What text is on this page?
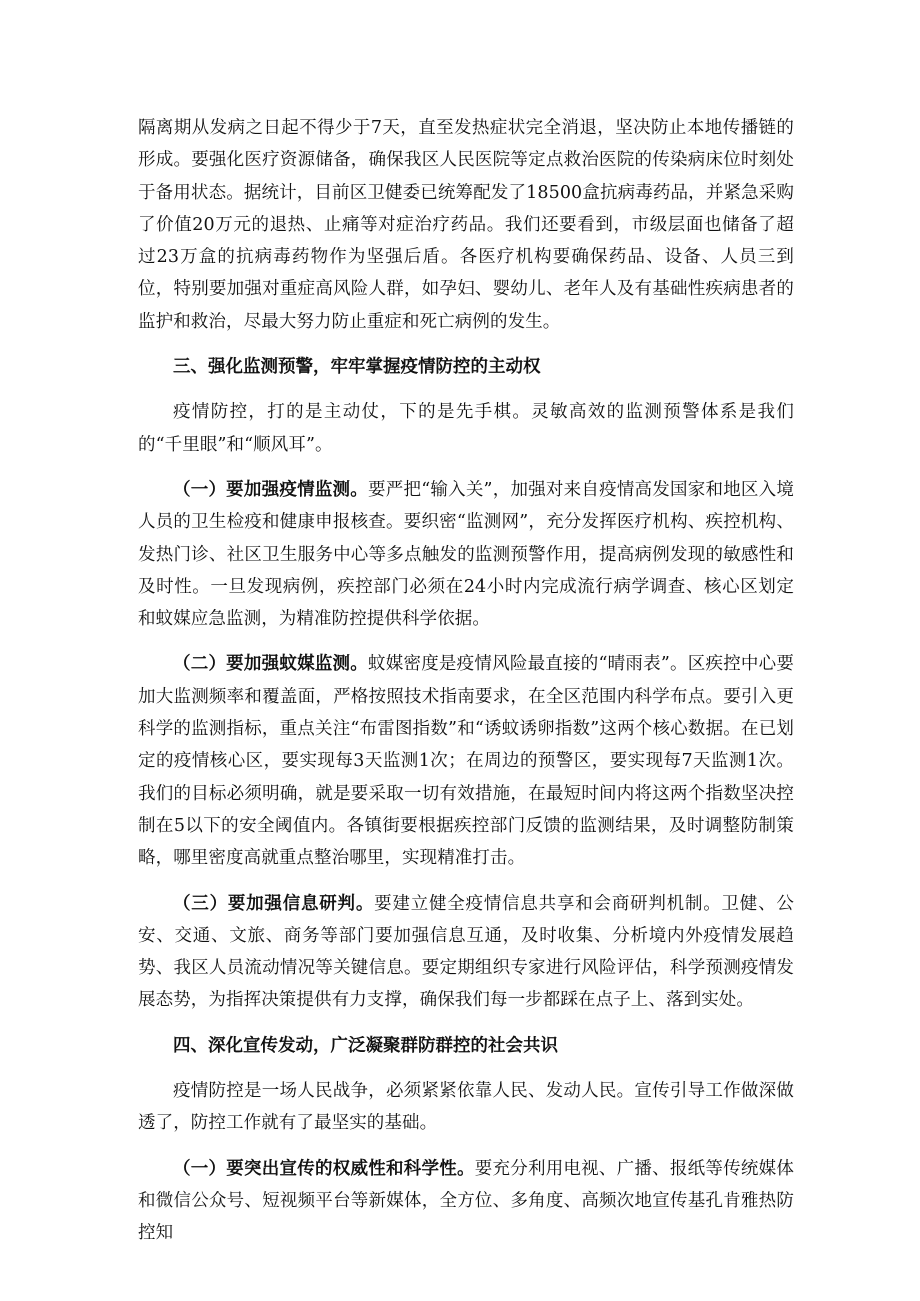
隔离期从发病之日起不得少于7天，直至发热症状完全消退，坚决防止本地传播链的形成。要强化医疗资源储备，确保我区人民医院等定点救治医院的传染病床位时刻处于备用状态。据统计，目前区卫健委已统筹配发了18500盒抗病毒药品，并紧急采购了价值20万元的退热、止痛等对症治疗药品。我们还要看到，市级层面也储备了超过23万盒的抗病毒药物作为坚强后盾。各医疗机构要确保药品、设备、人员三到位，特别要加强对重症高风险人群，如孕妇、婴幼儿、老年人及有基础性疾病患者的监护和救治，尽最大努力防止重症和死亡病例的发生。

三、强化监测预警，牢牢掌握疫情防控的主动权

疫情防控，打的是主动仗，下的是先手棋。灵敏高效的监测预警体系是我们的“千里眼”和“顺风耳”。

（一）要加强疫情监测。要严把“输入关”，加强对来自疫情高发国家和地区入境人员的卫生检疫和健康申报核查。要织密“监测网”，充分发挥医疗机构、疾控机构、发热门诊、社区卫生服务中心等多点触发的监测预警作用，提高病例发现的敏感性和及时性。一旦发现病例，疾控部门必须在24小时内完成流行病学调查、核心区划定和蚊媒应急监测，为精准防控提供科学依据。

（二）要加强蚊媒监测。蚊媒密度是疫情风险最直接的“晴雨表”。区疾控中心要加大监测频率和覆盖面，严格按照技术指南要求，在全区范围内科学布点。要引入更科学的监测指标，重点关注“布雷图指数”和“诱蚊诱卵指数”这两个核心数据。在已划定的疫情核心区，要实现每3天监测1次；在周边的预警区，要实现每7天监测1次。我们的目标必须明确，就是要采取一切有效措施，在最短时间内将这两个指数坚决控制在5以下的安全阈值内。各镇街要根据疾控部门反馈的监测结果，及时调整防制策略，哪里密度高就重点整治哪里，实现精准打击。

（三）要加强信息研判。要建立健全疫情信息共享和会商研判机制。卫健、公安、交通、文旅、商务等部门要加强信息互通，及时收集、分析境内外疫情发展趋势、我区人员流动情况等关键信息。要定期组织专家进行风险评估，科学预测疫情发展态势，为指挥决策提供有力支撑，确保我们每一步都踩在点子上、落到实处。

四、深化宣传发动，广泛凝聚群防群控的社会共识

疫情防控是一场人民战争，必须紧紧依靠人民、发动人民。宣传引导工作做深做透了，防控工作就有了最坚实的基础。

（一）要突出宣传的权威性和科学性。要充分利用电视、广播、报纸等传统媒体和微信公众号、短视频平台等新媒体，全方位、多角度、高频次地宣传基孔肯雅热防控知
